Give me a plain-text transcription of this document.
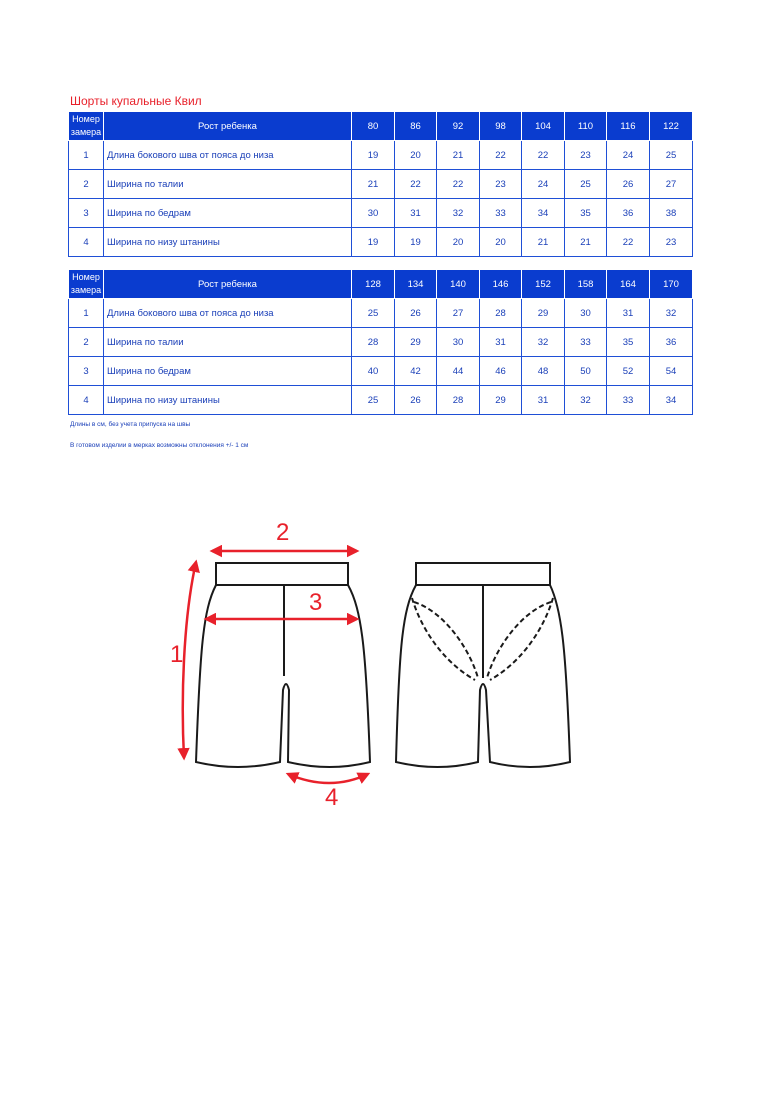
Шорты купальные Квил
Номер
замера	Рост ребенка	80	86	92	98	104	110	116	122
1	Длина бокового шва от пояса до низа	19	20	21	22	22	23	24	25
2	Ширина по талии	21	22	22	23	24	25	26	27
3	Ширина по бедрам	30	31	32	33	34	35	36	38
4	Ширина по низу штанины	19	19	20	20	21	21	22	23
Номер
замера	Рост ребенка	128	134	140	146	152	158	164	170
1	Длина бокового шва от пояса до низа	25	26	27	28	29	30	31	32
2	Ширина по талии	28	29	30	31	32	33	35	36
3	Ширина по бедрам	40	42	44	46	48	50	52	54
4	Ширина по низу штанины	25	26	28	29	31	32	33	34
Длины в см, без учета припуска на швы
В готовом изделии в мерках возможны отклонения +/- 1 см
2
3
1
4
